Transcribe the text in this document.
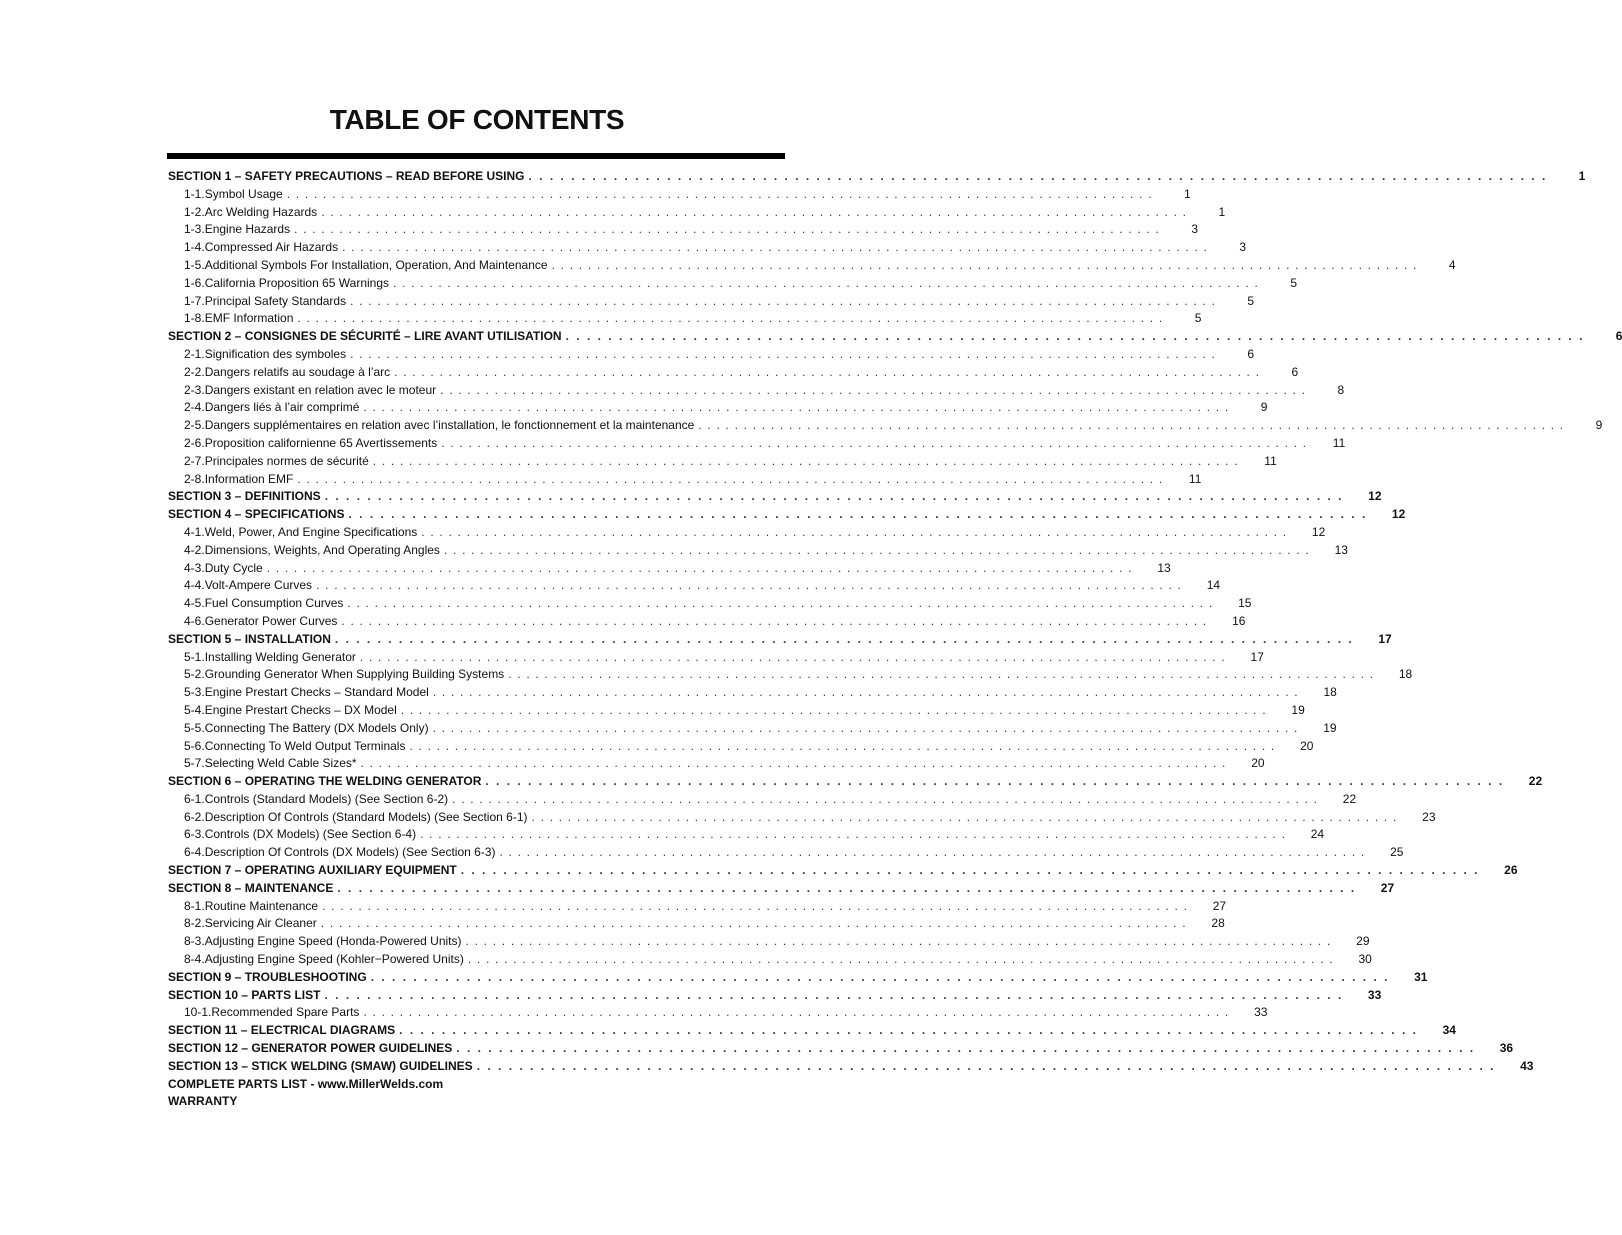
TABLE OF CONTENTS
SECTION 1 – SAFETY PRECAUTIONS – READ BEFORE USING . . .	1
1-1. Symbol Usage . . .	1
1-2. Arc Welding Hazards . . .	1
1-3. Engine Hazards . . .	3
1-4. Compressed Air Hazards . . .	3
1-5. Additional Symbols For Installation, Operation, And Maintenance . . .	4
1-6. California Proposition 65 Warnings . . .	5
1-7. Principal Safety Standards . . .	5
1-8. EMF Information . . .	5
SECTION 2 – CONSIGNES DE SÉCURITÉ – LIRE AVANT UTILISATION . . .	6
2-1. Signification des symboles . . .	6
2-2. Dangers relatifs au soudage à l’arc . . .	6
2-3. Dangers existant en relation avec le moteur . . .	8
2-4. Dangers liés à l’air comprimé . . .	9
2-5. Dangers supplémentaires en relation avec l’installation, le fonctionnement et la maintenance . . .	9
2-6. Proposition californienne 65 Avertissements . . .	11
2-7. Principales normes de sécurité . . .	11
2-8. Information EMF . . .	11
SECTION 3 – DEFINITIONS . . .	12
SECTION 4 – SPECIFICATIONS . . .	12
4-1. Weld, Power, And Engine Specifications . . .	12
4-2. Dimensions, Weights, And Operating Angles . . .	13
4-3. Duty Cycle . . .	13
4-4. Volt-Ampere Curves . . .	14
4-5. Fuel Consumption Curves . . .	15
4-6. Generator Power Curves . . .	16
SECTION 5 – INSTALLATION . . .	17
5-1. Installing Welding Generator . . .	17
5-2. Grounding Generator When Supplying Building Systems . . .	18
5-3. Engine Prestart Checks – Standard Model . . .	18
5-4. Engine Prestart Checks – DX Model . . .	19
5-5. Connecting The Battery (DX Models Only) . . .	19
5-6. Connecting To Weld Output Terminals . . .	20
5-7. Selecting Weld Cable Sizes* . . .	20
SECTION 6 – OPERATING THE WELDING GENERATOR . . .	22
6-1. Controls (Standard Models) (See Section 6-2) . . .	22
6-2. Description Of Controls (Standard Models) (See Section 6-1) . . .	23
6-3. Controls (DX Models) (See Section 6-4) . . .	24
6-4. Description Of Controls (DX Models) (See Section 6-3) . . .	25
SECTION 7 – OPERATING AUXILIARY EQUIPMENT . . .	26
SECTION 8 – MAINTENANCE . . .	27
8-1. Routine Maintenance . . .	27
8-2. Servicing Air Cleaner . . .	28
8-3. Adjusting Engine Speed (Honda-Powered Units) . . .	29
8-4. Adjusting Engine Speed (Kohler−Powered Units) . . .	30
SECTION 9 – TROUBLESHOOTING . . .	31
SECTION 10 – PARTS LIST . . .	33
10-1. Recommended Spare Parts . . .	33
SECTION 11 – ELECTRICAL DIAGRAMS . . .	34
SECTION 12 – GENERATOR POWER GUIDELINES . . .	36
SECTION 13 – STICK WELDING (SMAW) GUIDELINES . . .	43
COMPLETE PARTS LIST - www.MillerWelds.com
WARRANTY
